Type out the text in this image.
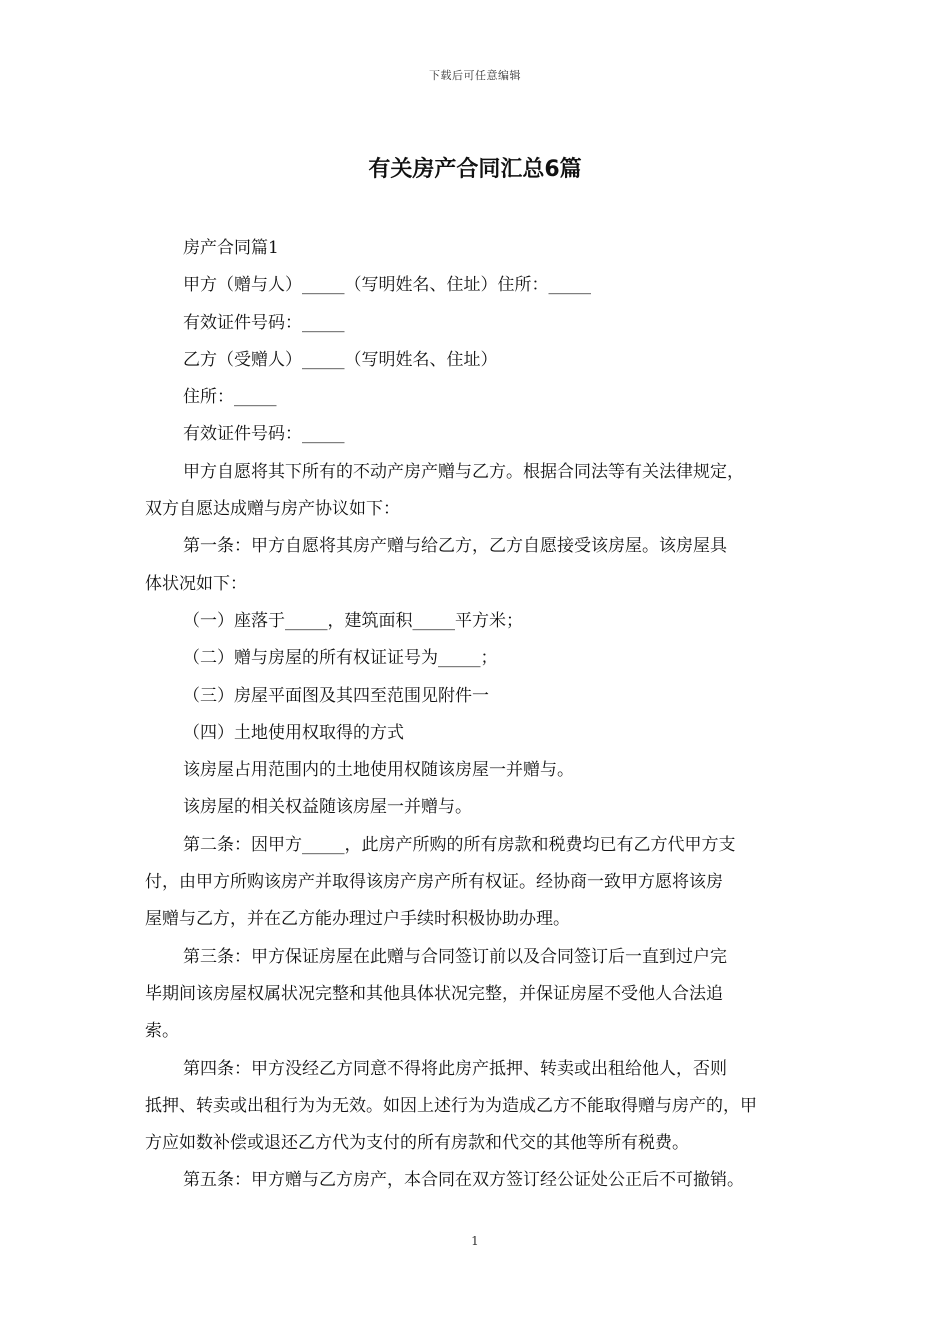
下载后可任意编辑
有关房产合同汇总6篇
房产合同篇1
甲方（赠与人）_____（写明姓名、住址）住所：_____
有效证件号码：_____
乙方（受赠人）_____（写明姓名、住址）
住所：_____
有效证件号码：_____
甲方自愿将其下所有的不动产房产赠与乙方。根据合同法等有关法律规定，
双方自愿达成赠与房产协议如下：
第一条：甲方自愿将其房产赠与给乙方，乙方自愿接受该房屋。该房屋具
体状况如下：
（一）座落于_____，建筑面积_____平方米；
（二）赠与房屋的所有权证证号为_____；
（三）房屋平面图及其四至范围见附件一
（四）土地使用权取得的方式
该房屋占用范围内的土地使用权随该房屋一并赠与。
该房屋的相关权益随该房屋一并赠与。
第二条：因甲方_____，此房产所购的所有房款和税费均已有乙方代甲方支
付，由甲方所购该房产并取得该房产房产所有权证。经协商一致甲方愿将该房
屋赠与乙方，并在乙方能办理过户手续时积极协助办理。
第三条：甲方保证房屋在此赠与合同签订前以及合同签订后一直到过户完
毕期间该房屋权属状况完整和其他具体状况完整，并保证房屋不受他人合法追
索。
第四条：甲方没经乙方同意不得将此房产抵押、转卖或出租给他人，否则
抵押、转卖或出租行为为无效。如因上述行为为造成乙方不能取得赠与房产的，甲
方应如数补偿或退还乙方代为支付的所有房款和代交的其他等所有税费。
第五条：甲方赠与乙方房产，本合同在双方签订经公证处公正后不可撤销。
1
